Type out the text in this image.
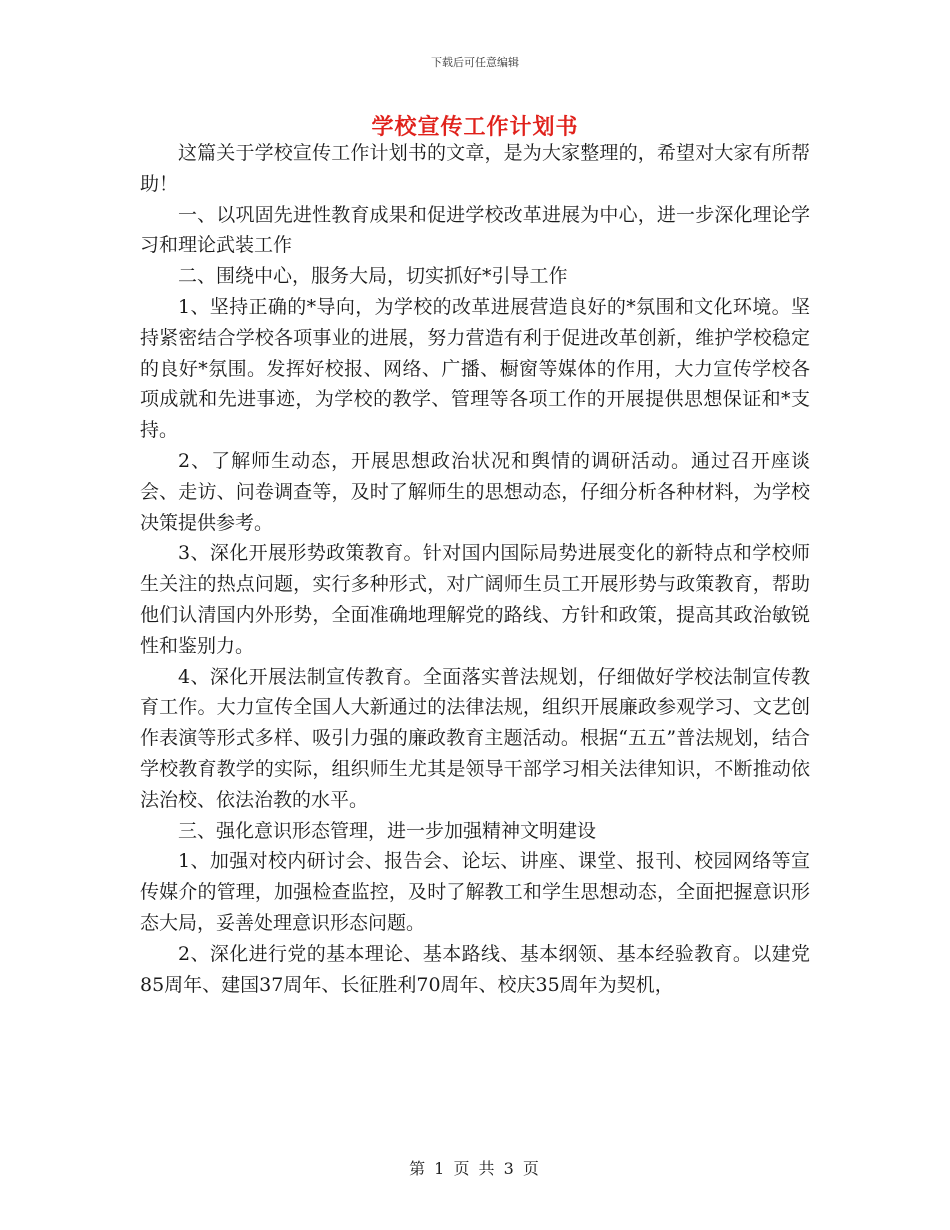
下载后可任意编辑
学校宣传工作计划书

这篇关于学校宣传工作计划书的文章，是为大家整理的，希望对大家有所帮助！

一、以巩固先进性教育成果和促进学校改革进展为中心，进一步深化理论学习和理论武装工作

二、围绕中心，服务大局，切实抓好*引导工作

1、坚持正确的*导向，为学校的改革进展营造良好的*氛围和文化环境。坚持紧密结合学校各项事业的进展，努力营造有利于促进改革创新，维护学校稳定的良好*氛围。发挥好校报、网络、广播、橱窗等媒体的作用，大力宣传学校各项成就和先进事迹，为学校的教学、管理等各项工作的开展提供思想保证和*支持。

2、了解师生动态，开展思想政治状况和舆情的调研活动。通过召开座谈会、走访、问卷调查等，及时了解师生的思想动态，仔细分析各种材料，为学校决策提供参考。

3、深化开展形势政策教育。针对国内国际局势进展变化的新特点和学校师生关注的热点问题，实行多种形式，对广阔师生员工开展形势与政策教育，帮助他们认清国内外形势，全面准确地理解党的路线、方针和政策，提高其政治敏锐性和鉴别力。

4、深化开展法制宣传教育。全面落实普法规划，仔细做好学校法制宣传教育工作。大力宣传全国人大新通过的法律法规，组织开展廉政参观学习、文艺创作表演等形式多样、吸引力强的廉政教育主题活动。根据“五五”普法规划，结合学校教育教学的实际，组织师生尤其是领导干部学习相关法律知识，不断推动依法治校、依法治教的水平。

三、强化意识形态管理，进一步加强精神文明建设

1、加强对校内研讨会、报告会、论坛、讲座、课堂、报刊、校园网络等宣传媒介的管理，加强检查监控，及时了解教工和学生思想动态，全面把握意识形态大局，妥善处理意识形态问题。

2、深化进行党的基本理论、基本路线、基本纲领、基本经验教育。以建党85周年、建国37周年、长征胜利70周年、校庆35周年为契机，

第 1 页 共 3 页
